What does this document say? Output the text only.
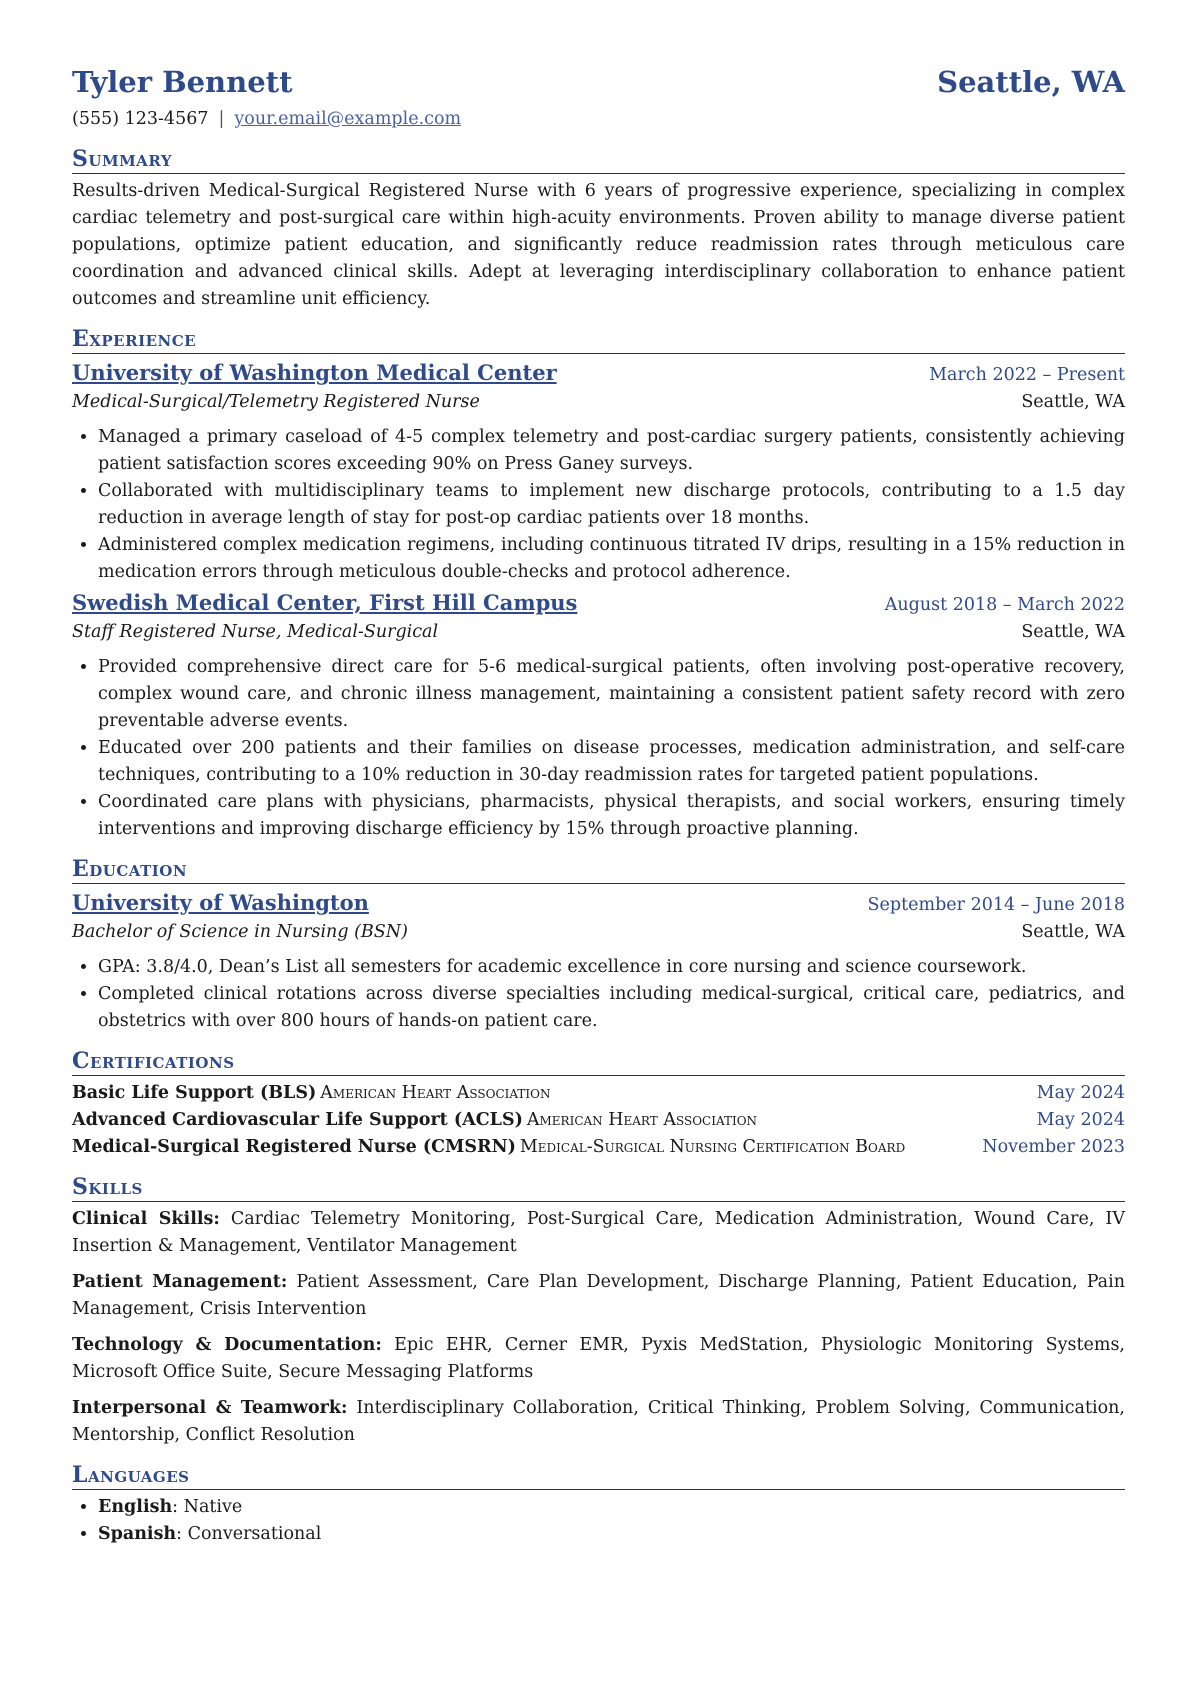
Tyler Bennett	Seattle, WA
(555) 123-4567 | your.email@example.com
Summary
Results-driven Medical-Surgical Registered Nurse with 6 years of progressive experience, specializing in complex cardiac telemetry and post-surgical care within high-acuity environments. Proven ability to manage diverse patient populations, optimize patient education, and significantly reduce readmission rates through meticulous care coordination and advanced clinical skills. Adept at leveraging interdisciplinary collaboration to enhance patient outcomes and streamline unit efficiency.
Experience
University of Washington Medical Center	March 2022 – Present
Medical-Surgical/Telemetry Registered Nurse	Seattle, WA
• Managed a primary caseload of 4-5 complex telemetry and post-cardiac surgery patients, consistently achieving patient satisfaction scores exceeding 90% on Press Ganey surveys.
• Collaborated with multidisciplinary teams to implement new discharge protocols, contributing to a 1.5 day reduction in average length of stay for post-op cardiac patients over 18 months.
• Administered complex medication regimens, including continuous titrated IV drips, resulting in a 15% reduction in medication errors through meticulous double-checks and protocol adherence.
Swedish Medical Center, First Hill Campus	August 2018 – March 2022
Staff Registered Nurse, Medical-Surgical	Seattle, WA
• Provided comprehensive direct care for 5-6 medical-surgical patients, often involving post-operative recovery, complex wound care, and chronic illness management, maintaining a consistent patient safety record with zero preventable adverse events.
• Educated over 200 patients and their families on disease processes, medication administration, and self-care techniques, contributing to a 10% reduction in 30-day readmission rates for targeted patient populations.
• Coordinated care plans with physicians, pharmacists, physical therapists, and social workers, ensuring timely interventions and improving discharge efficiency by 15% through proactive planning.
Education
University of Washington	September 2014 – June 2018
Bachelor of Science in Nursing (BSN)	Seattle, WA
• GPA: 3.8/4.0, Dean’s List all semesters for academic excellence in core nursing and science coursework.
• Completed clinical rotations across diverse specialties including medical-surgical, critical care, pediatrics, and obstetrics with over 800 hours of hands-on patient care.
Certifications
Basic Life Support (BLS) American Heart Association	May 2024
Advanced Cardiovascular Life Support (ACLS) American Heart Association	May 2024
Medical-Surgical Registered Nurse (CMSRN) Medical-Surgical Nursing Certification Board	November 2023
Skills
Clinical Skills: Cardiac Telemetry Monitoring, Post-Surgical Care, Medication Administration, Wound Care, IV Insertion & Management, Ventilator Management
Patient Management: Patient Assessment, Care Plan Development, Discharge Planning, Patient Education, Pain Management, Crisis Intervention
Technology & Documentation: Epic EHR, Cerner EMR, Pyxis MedStation, Physiologic Monitoring Systems, Microsoft Office Suite, Secure Messaging Platforms
Interpersonal & Teamwork: Interdisciplinary Collaboration, Critical Thinking, Problem Solving, Communication, Mentorship, Conflict Resolution
Languages
• English: Native
• Spanish: Conversational
